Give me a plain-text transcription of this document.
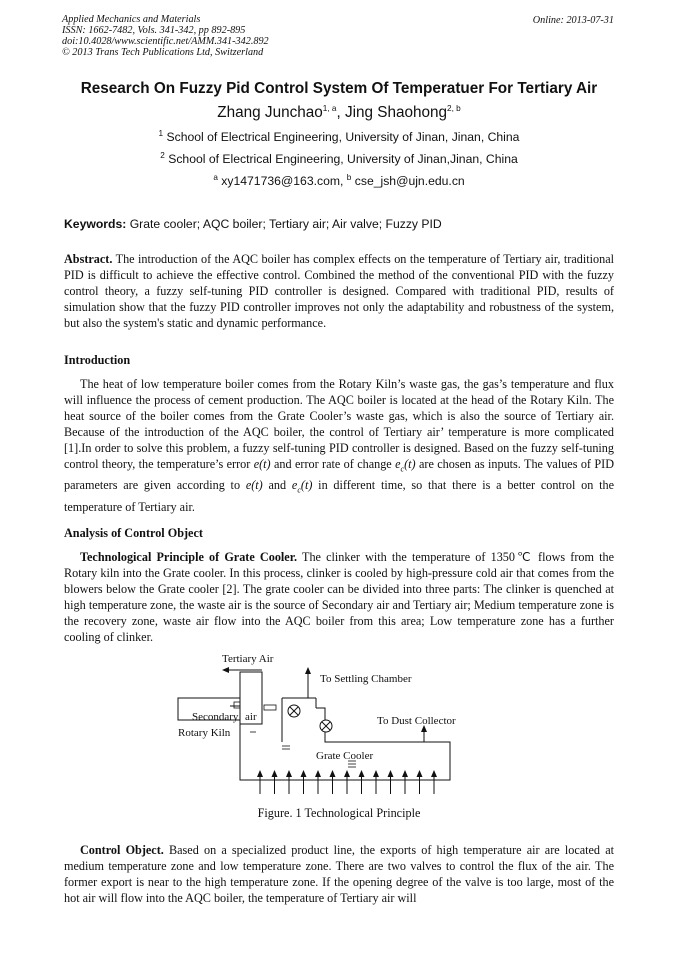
Applied Mechanics and Materials
ISSN: 1662-7482, Vols. 341-342, pp 892-895
doi:10.4028/www.scientific.net/AMM.341-342.892
© 2013 Trans Tech Publications Ltd, Switzerland
Online: 2013-07-31
Research On Fuzzy Pid Control System Of Temperatuer For Tertiary Air
Zhang Junchao$^{1, a}$, Jing Shaohong$^{2, b}$
$^1$ School of Electrical Engineering, University of Jinan, Jinan, China
$^2$ School of Electrical Engineering, University of Jinan,Jinan, China
$^a$ xy1471736@163.com, $^b$ cse_jsh@ujn.edu.cn
Keywords: Grate cooler; AQC boiler; Tertiary air; Air valve; Fuzzy PID

Abstract. The introduction of the AQC boiler has complex effects on the temperature of Tertiary air, traditional PID is difficult to achieve the effective control. Combined the method of the conventional PID with the fuzzy control theory, a fuzzy self-tuning PID controller is designed. Compared with traditional PID, results of simulation show that the fuzzy PID controller improves not only the adaptability and robustness of the system, but also the system's static and dynamic performance.

Introduction

The heat of low temperature boiler comes from the Rotary Kiln’s waste gas, the gas’s temperature and flux will influence the process of cement production. The AQC boiler is located at the head of the Rotary Kiln. The heat source of the boiler comes from the Grate Cooler’s waste gas, which is also the source of Tertiary air. Because of the introduction of the AQC boiler, the control of Tertiary air’ temperature is more complicated [1].In order to solve this problem, a fuzzy self-tuning PID controller is designed. Based on the fuzzy self-tuning control theory, the temperature’s error e(t) and error rate of change $e_c(t)$ are chosen as inputs. The values of PID parameters are given according to e(t) and $e_c(t)$ in different time, so that there is a better control on the temperature of Tertiary air.

Analysis of Control Object

Technological Principle of Grate Cooler. The clinker with the temperature of 1350℃ flows from the Rotary kiln into the Grate cooler. In this process, clinker is cooled by high-pressure cold air that comes from the blowers below the Grate cooler [2]. The grate cooler can be divided into three parts: The clinker is quenched at high temperature zone, the waste air is the source of Secondary air and Tertiary air; Medium temperature zone is the recovery zone, waste air flow into the AQC boiler from this area; Low temperature zone has a further cooling of clinker.

Tertiary Air
Secondary air
Rotary Kiln
To Settling Chamber
To Dust Collector
Grate Cooler
Figure. 1 Technological Principle

Control Object. Based on a specialized product line, the exports of high temperature air are located at medium temperature zone and low temperature zone. There are two valves to control the flux of the air. The former export is near to the high temperature zone. If the opening degree of the valve is too large, most of the hot air will flow into the AQC boiler, the temperature of Tertiary air will
